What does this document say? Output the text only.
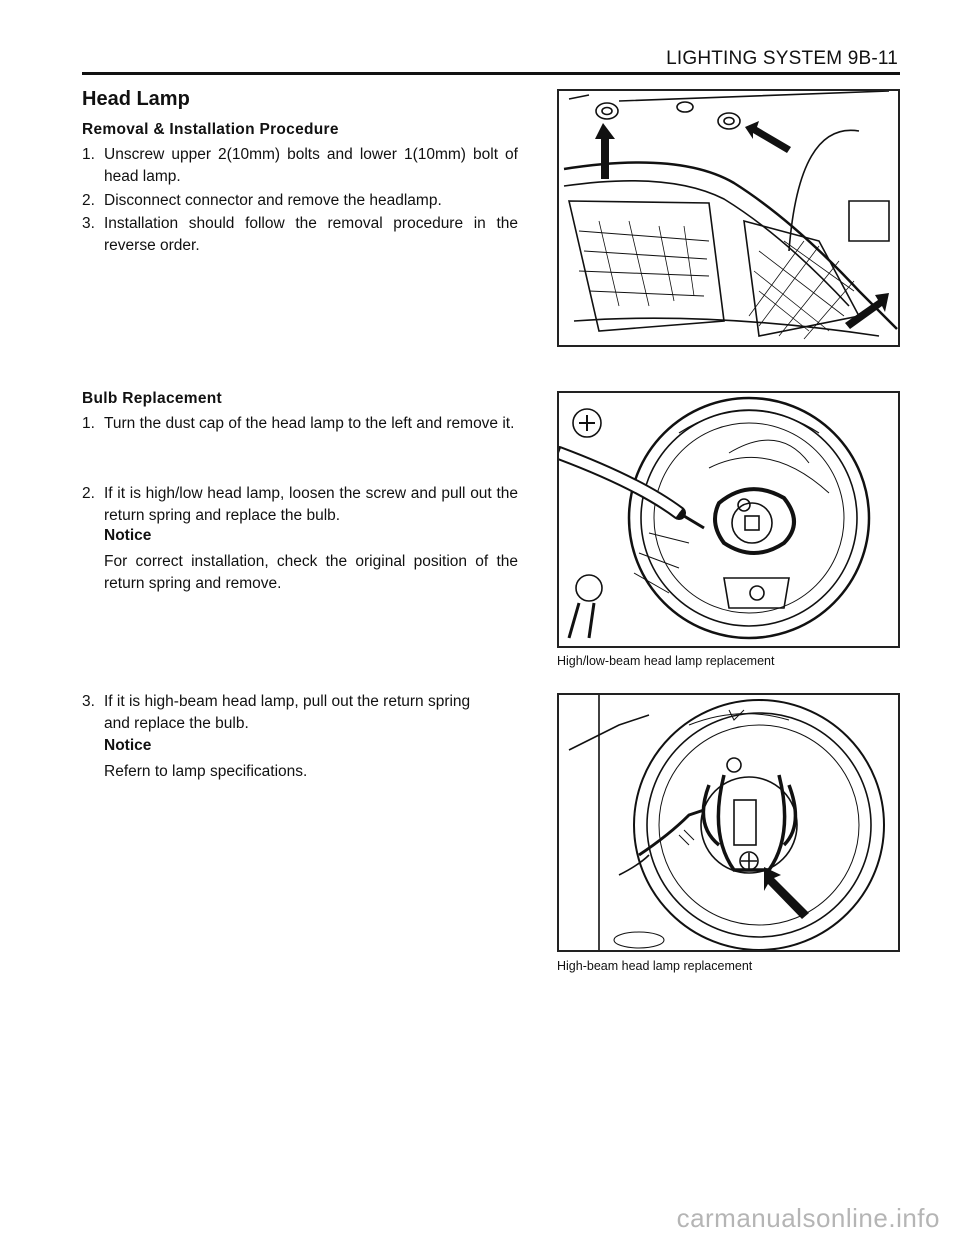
LIGHTING SYSTEM 9B-11
Head Lamp
Removal & Installation Procedure
1. Unscrew upper 2(10mm) bolts and lower 1(10mm) bolt of head lamp.
2. Disconnect connector and remove the headlamp.
3. Installation should follow the removal procedure in the reverse order.
Bulb Replacement
1. Turn the dust cap of the head lamp to the left and remove it.
2. If it is high/low head lamp, loosen the screw and pull out the return spring and replace the bulb.
Notice
For correct installation, check the original position of the return spring and remove.
3. If it is high-beam head lamp, pull out the return spring and replace the bulb.
Notice
Refern to lamp specifications.
High/low-beam head lamp replacement
High-beam head lamp replacement
carmanualsonline.info
